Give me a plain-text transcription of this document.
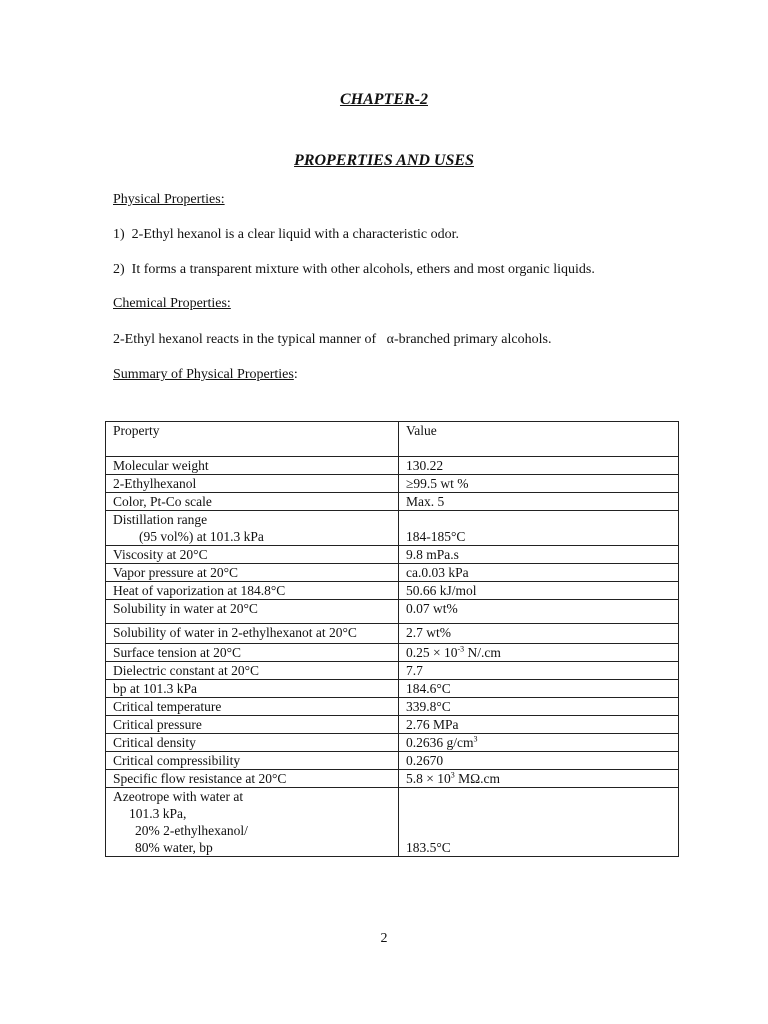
CHAPTER-2
PROPERTIES AND USES
Physical Properties:
1)  2-Ethyl hexanol is a clear liquid with a characteristic odor.
2)  It forms a transparent mixture with other alcohols, ethers and most organic liquids.
Chemical Properties:
2-Ethyl hexanol reacts in the typical manner of   α-branched primary alcohols.
Summary of Physical Properties:
Property	Value
Molecular weight	130.22
2-Ethylhexanol	≥99.5 wt %
Color, Pt-Co scale	Max. 5

Distillation range
(95 vol%) at 101.3 kPa	184-185°C
Viscosity at 20°C	9.8 mPa.s
Vapor pressure at 20°C	ca.0.03 kPa
Heat of vaporization at 184.8°C	50.66 kJ/mol
Solubility in water at 20°C	0.07 wt%
Solubility of water in 2-ethylhexanot at 20°C	2.7 wt%
Surface tension at 20°C	$0.25 \times 10^{-3}$ N/.cm
Dielectric constant at 20°C	7.7
bp at 101.3 kPa	184.6°C
Critical temperature	339.8°C
Critical pressure	2.76 MPa
Critical density	0.2636 $g/cm^3$
Critical compressibility	0.2670
Specific flow resistance at 20°C	$5.8 \times 10^3$ MΩ.cm

Azeotrope with water at
101.3 kPa,
20% 2-ethylhexanol/
80% water, bp	183.5°C
2
